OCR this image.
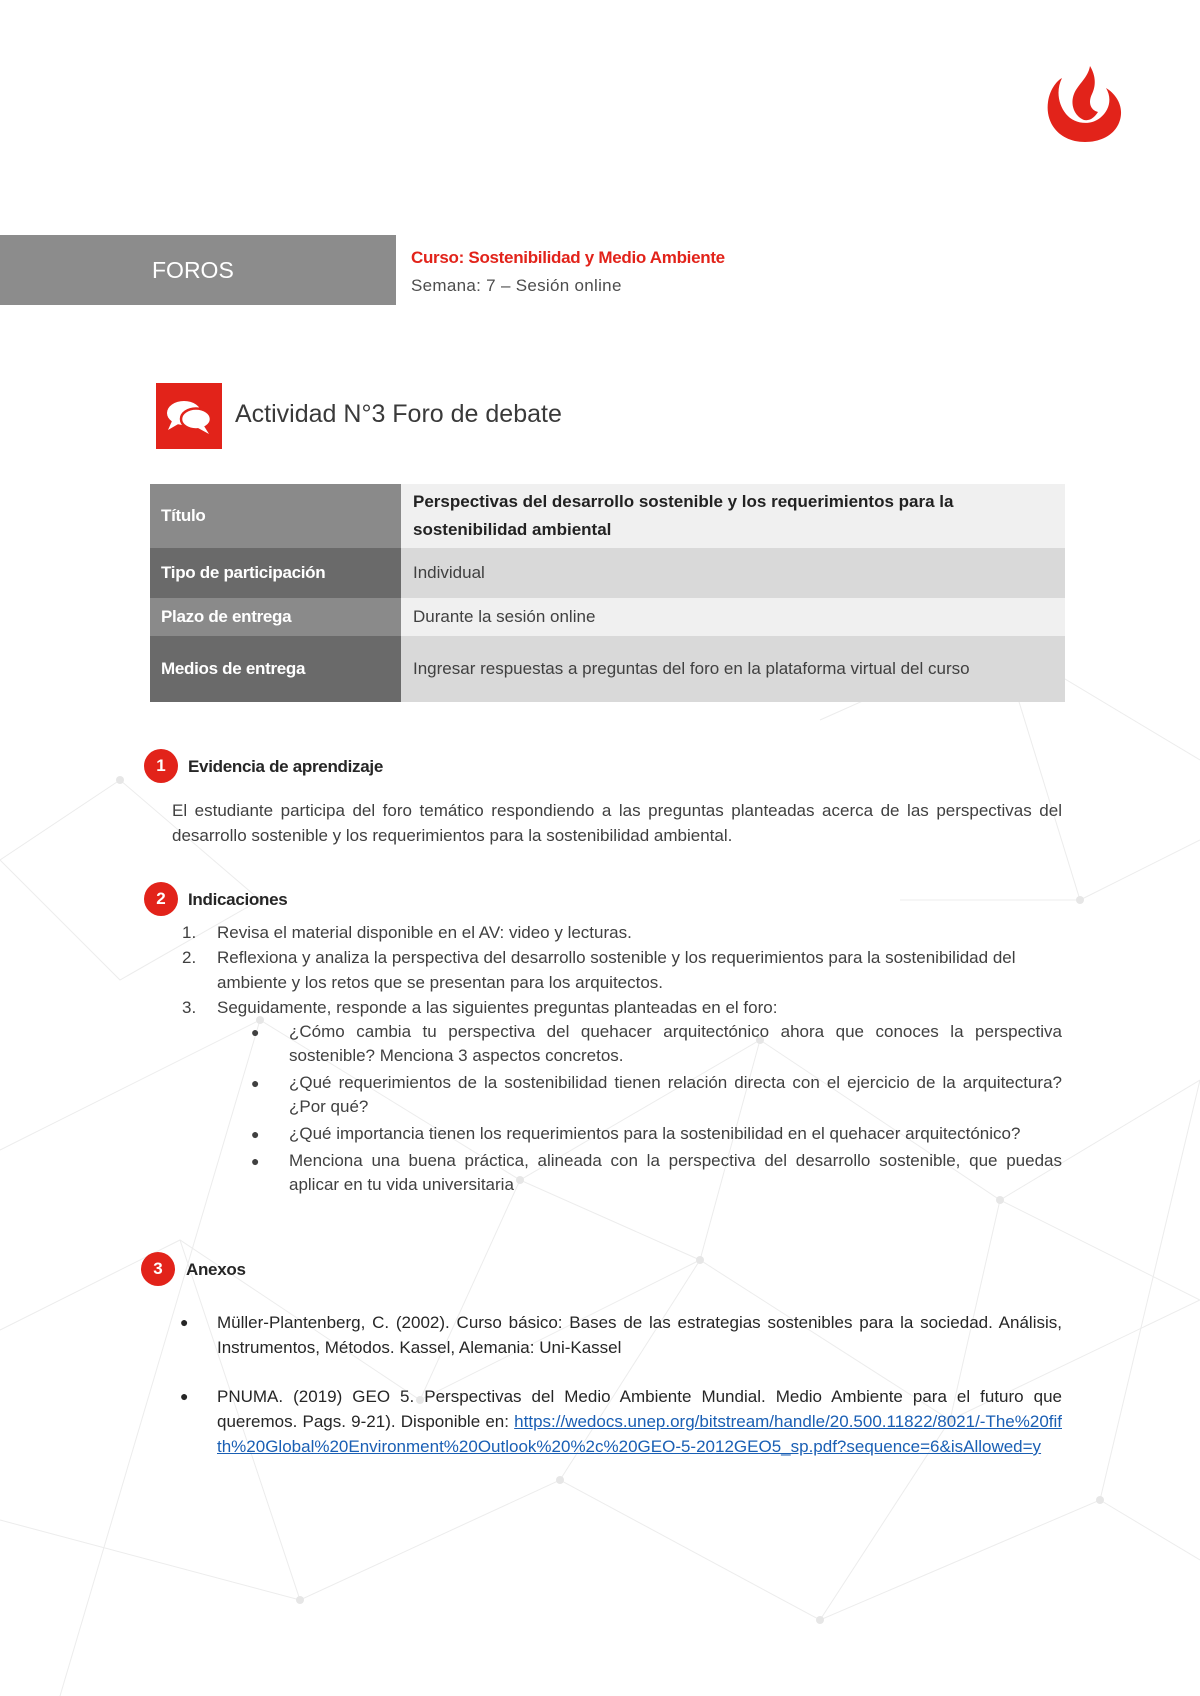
FOROS	Curso: Sostenibilidad y Medio Ambiente
Semana: 7 – Sesión online
Actividad N°3 Foro de debate
Título	Perspectivas del desarrollo sostenible y los requerimientos para la sostenibilidad ambiental
Tipo de participación	Individual
Plazo de entrega	Durante la sesión online
Medios de entrega	Ingresar respuestas a preguntas del foro en la plataforma virtual del curso
1	Evidencia de aprendizaje
El estudiante participa del foro temático respondiendo a las preguntas planteadas acerca de las perspectivas del desarrollo sostenible y los requerimientos para la sostenibilidad ambiental.
2	Indicaciones
1. Revisa el material disponible en el AV: video y lecturas.
2. Reflexiona y analiza la perspectiva del desarrollo sostenible y los requerimientos para la sostenibilidad del ambiente y los retos que se presentan para los arquitectos.
3. Seguidamente, responde a las siguientes preguntas planteadas en el foro:
● ¿Cómo cambia tu perspectiva del quehacer arquitectónico ahora que conoces la perspectiva sostenible? Menciona 3 aspectos concretos.
● ¿Qué requerimientos de la sostenibilidad tienen relación directa con el ejercicio de la arquitectura? ¿Por qué?
● ¿Qué importancia tienen los requerimientos para la sostenibilidad en el quehacer arquitectónico?
● Menciona una buena práctica, alineada con la perspectiva del desarrollo sostenible, que puedas aplicar en tu vida universitaria
3	Anexos
●	Müller-Plantenberg, C. (2002). Curso básico: Bases de las estrategias sostenibles para la sociedad. Análisis, Instrumentos, Métodos. Kassel, Alemania: Uni-Kassel
●	PNUMA. (2019) GEO 5. Perspectivas del Medio Ambiente Mundial. Medio Ambiente para el futuro que queremos. Pags. 9-21). Disponible en: https://wedocs.unep.org/bitstream/handle/20.500.11822/8021/-The%20fifth%20Global%20Environment%20Outlook%20%2c%20GEO-5-2012GEO5_sp.pdf?sequence=6&isAllowed=y
